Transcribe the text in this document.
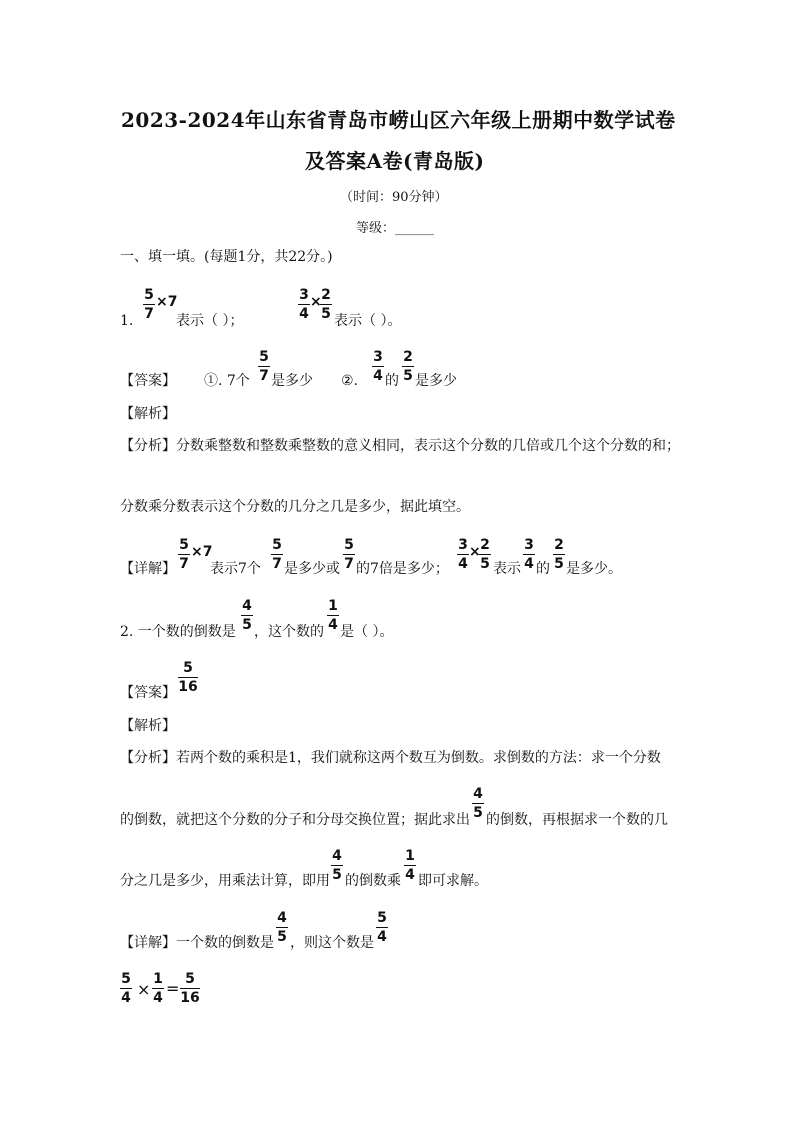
2023-2024年山东省青岛市崂山区六年级上册期中数学试卷
及答案A卷(青岛版)
（时间：90分钟）
等级：______
一、填一填。(每题1分，共22分。)
1.
5
7
×7
表示（ ）；
3
4
× 2
5 表示（ ）。
【答案】 ①. 7个
5
7 是多少 ②.
3
4 的
2
5 是多少
【解析】
【分析】分数乘整数和整数乘整数的意义相同，表示这个分数的几倍或几个这个分数的和；
分数乘分数表示这个分数的几分之几是多少，据此填空。
【详解】
5
7
×7
表示7个
5
7 是多少或
5
7 的7倍是多少；
3
4
× 2
5 表示
3
4 的
2
5 是多少。
2. 一个数的倒数是
4
5 ，这个数的
1
4 是（ ）。
【答案】
5
16
【解析】
【分析】若两个数的乘积是1，我们就称这两个数互为倒数。求倒数的方法：求一个分数
的倒数，就把这个分数的分子和分母交换位置；据此求出
4
5 的倒数，再根据求一个数的几
分之几是多少，用乘法计算，即用
4
5 的倒数乘
1
4 即可求解。
【详解】一个数的倒数是
4
5 ，则这个数是
5
4
5
4 ×
1
4 = 5
16
